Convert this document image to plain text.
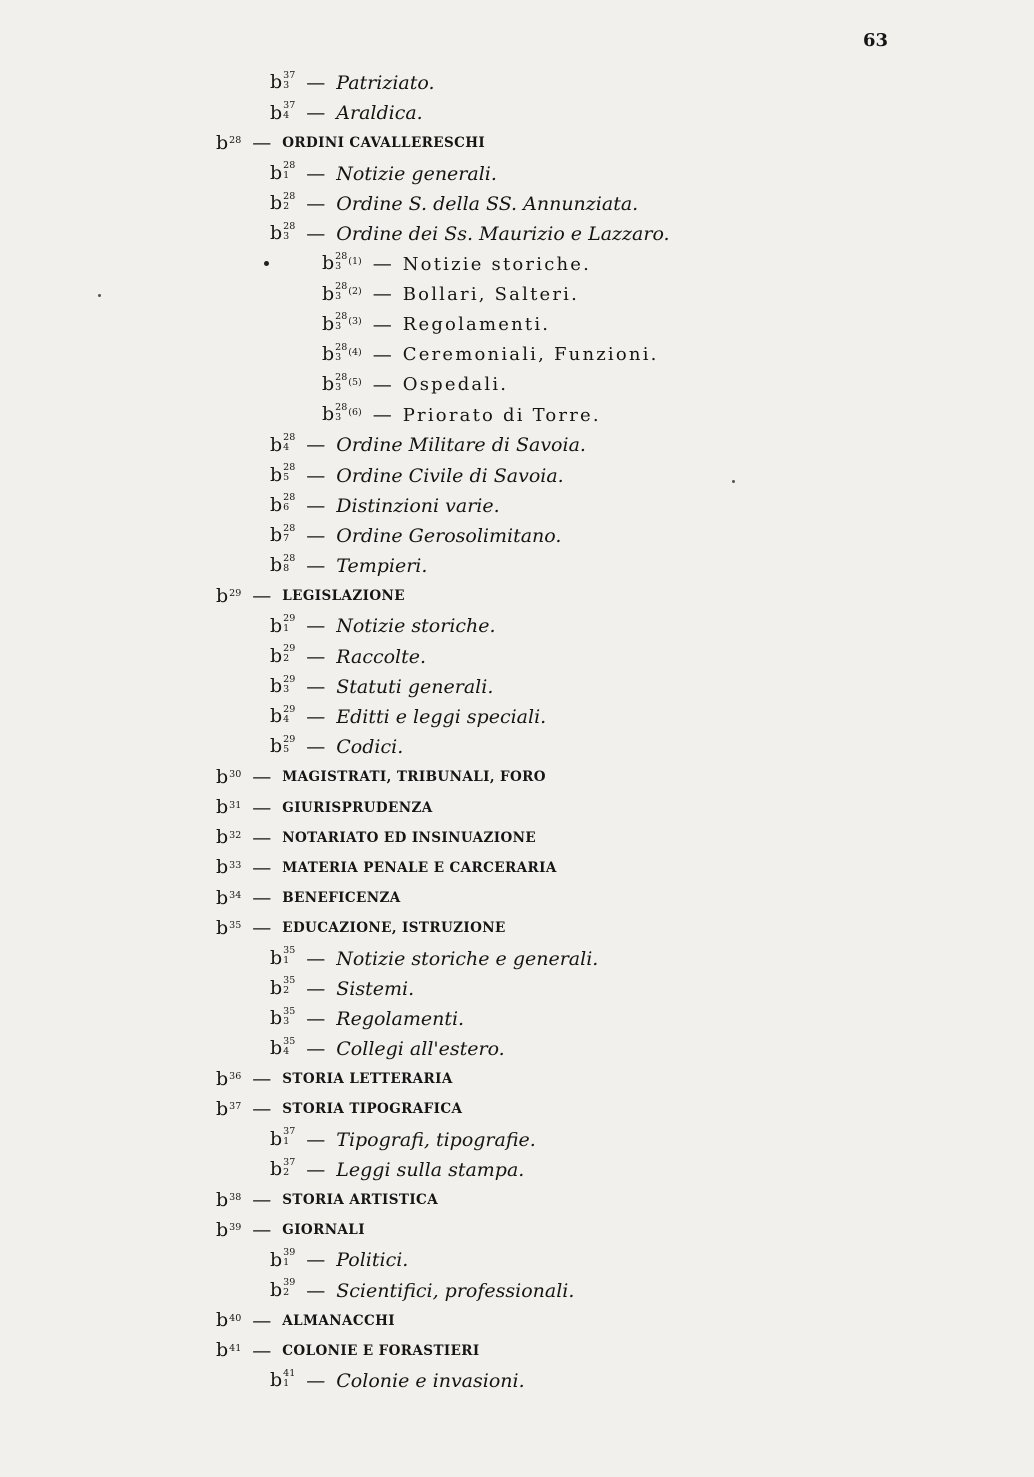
63
b 37
3 — Patriziato.
b 37
4 — Araldica.
b 28 — ORDINI CAVALLERESCHI
b 28
1 — Notizie generali.
b 28
2 — Ordine S. della SS. Annunziata.
b 28
3 — Ordine dei Ss. Maurizio e Lazzaro.
b 28
3 (1) — Notizie storiche.
b 28
3 (2) — Bollari, Salteri.
b 28
3 (3) — Regolamenti.
b 28
3 (4) — Ceremoniali, Funzioni.
b 28
3 (5) — Ospedali.
b 28
3 (6) — Priorato di Torre.
b 28
4 — Ordine Militare di Savoia.
b 28
5 — Ordine Civile di Savoia.
b 28
6 — Distinzioni varie.
b 28
7 — Ordine Gerosolimitano.
b 28
8 — Tempieri.
b 29 — LEGISLAZIONE
b 29
1 — Notizie storiche.
b 29
2 — Raccolte.
b 29
3 — Statuti generali.
b 29
4 — Editti e leggi speciali.
b 29
5 — Codici.
b 30 — MAGISTRATI, TRIBUNALI, FORO
b 31 — GIURISPRUDENZA
b 32 — NOTARIATO ED INSINUAZIONE
b 33 — MATERIA PENALE E CARCERARIA
b 34 — BENEFICENZA
b 35 — EDUCAZIONE, ISTRUZIONE
b 35
1 — Notizie storiche e generali.
b 35
2 — Sistemi.
b 35
3 — Regolamenti.
b 35
4 — Collegi all'estero.
b 36 — STORIA LETTERARIA
b 37 — STORIA TIPOGRAFICA
b 37
1 — Tipografi, tipografie.
b 37
2 — Leggi sulla stampa.
b 38 — STORIA ARTISTICA
b 39 — GIORNALI
b 39
1 — Politici.
b 39
2 — Scientifici, professionali.
b 40 — ALMANACCHI
b 41 — COLONIE E FORASTIERI
b 41
1 — Colonie e invasioni.
